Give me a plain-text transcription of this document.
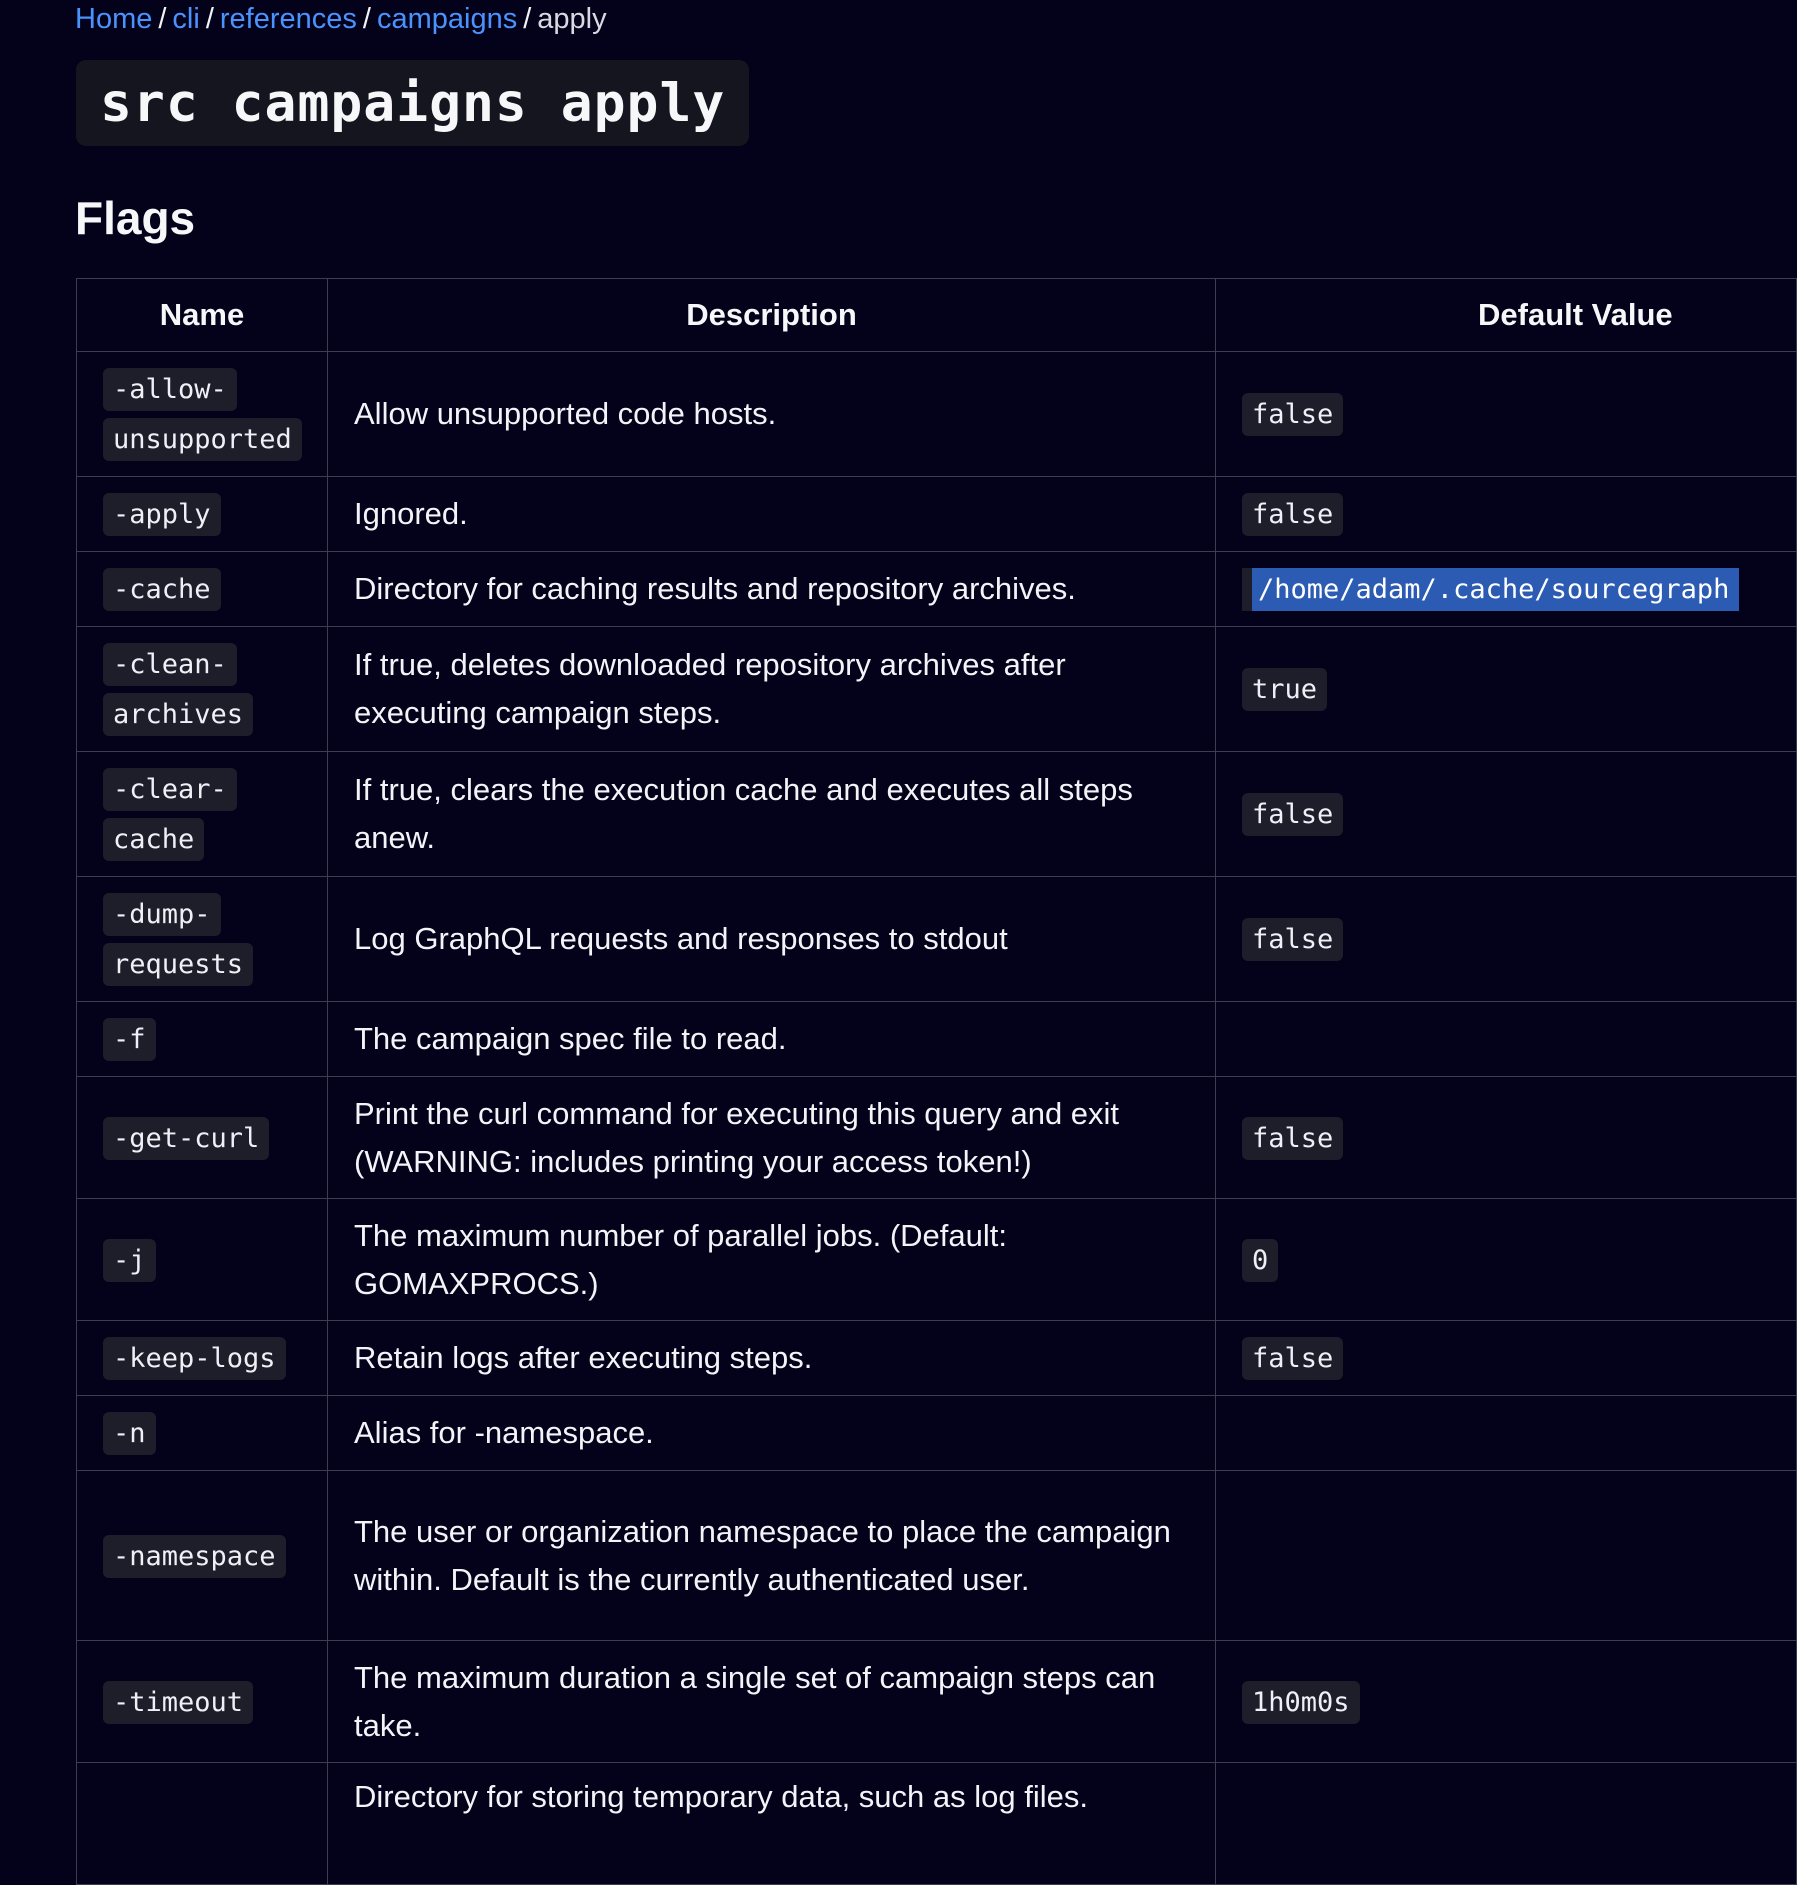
Home / cli / references / campaigns / apply
src campaigns apply
Flags
Name	Description	Default Value
-allow-unsupported	Allow unsupported code hosts.	false
-apply	Ignored.	false
-cache	Directory for caching results and repository archives.	/home/adam/.cache/sourcegraph
-clean-archives	If true, deletes downloaded repository archives after executing campaign steps.	true
-clear-cache	If true, clears the execution cache and executes all steps anew.	false
-dump-requests	Log GraphQL requests and responses to stdout	false
-f	The campaign spec file to read.	
-get-curl	Print the curl command for executing this query and exit (WARNING: includes printing your access token!)	false
-j	The maximum number of parallel jobs. (Default: GOMAXPROCS.)	0
-keep-logs	Retain logs after executing steps.	false
-n	Alias for -namespace.	
-namespace	The user or organization namespace to place the campaign within. Default is the currently authenticated user.	
-timeout	The maximum duration a single set of campaign steps can take.	1h0m0s
	Directory for storing temporary data, such as log files.	
